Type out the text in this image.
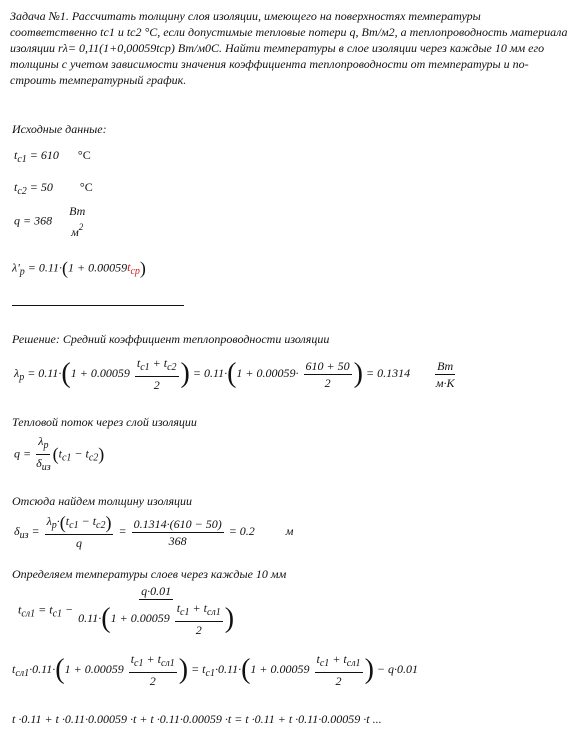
Задача №1. Рассчитать толщину слоя изоляции, имеющего на поверхностях температуры соответственно tc1 и tc2 °C, если допустимые тепловые потери q, Вт/м2, а теплопроводность материала изоляции rλ= 0,11(1+0,00059tср) Вт/м0С. Найти температуры в слое изоляции через каждые 10 мм его толщины с учетом зависимости значения коэффициента теплопроводности от температуры и по-строить температурный график.
Исходные данные:
$t_{c1} = 610$ °C
$t_{c2} = 50$ °C
q = 368
Вт
$м^2$
$\lambda'_p = 0.11\cdot(1 + 0.00059t_{cp})$
Решение: Средний коэффициент теплопроводности изоляции
$\lambda_p = 0.11\cdot(1 + 0.00059 \frac{t_{c1} + t_{c2}}{2}$ ) = $0.11\cdot(1 + 0.00059\cdot \frac{610 + 50}{2}$ ) = $0.1314 \frac{Вт}{м\cdot К}$
Тепловой поток через слой изоляции
$q = \frac{\lambda_p}{\delta_{из}} (t_{c1} - t_{c2})$
Отсюда найдем толщину изоляции
$\delta_{из} = \frac{\lambda_p\cdot(t_{c1} - t_{c2})}{q} = \frac{0.1314\cdot(610 - 50)}{368} = 0.2$	м
Определяем температуры слоев через каждые 10 мм
$t_{сл1} = t_{c1} - \frac{q\cdot 0.01}{0.11\cdot(1 + 0.00059 \frac{t_{c1} + t_{сл1}}{2} )}$
$t_{сл1}\cdot 0.11\cdot(1 + 0.00059 \frac{t_{c1} + t_{сл1}}{2}$ ) = $t_{c1}\cdot 0.11\cdot(1 + 0.00059 \frac{t_{c1} + t_{сл1}}{2}$ ) − q·0.01
t ·0.11 + t ·0.11·0.00059 ·t + t ·0.11·0.00059 ·t = t ·0.11 + t ·0.11·0.00059 ·t ...
